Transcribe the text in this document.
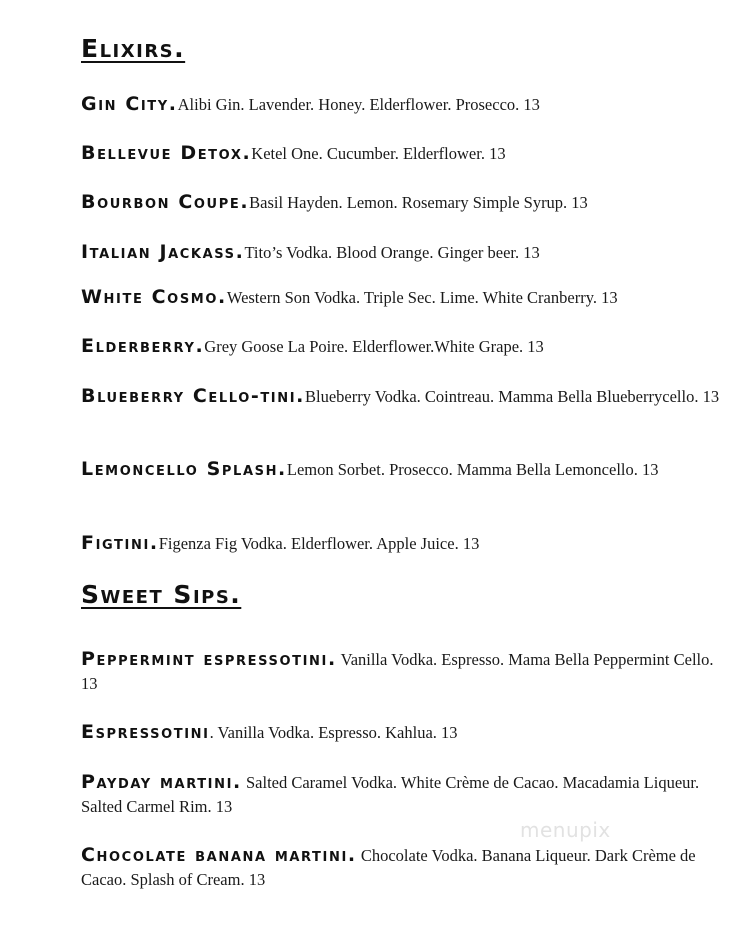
Elixirs.

Gin City.Alibi Gin. Lavender. Honey. Elderflower. Prosecco. 13

Bellevue Detox.Ketel One. Cucumber. Elderflower. 13

Bourbon Coupe.Basil Hayden. Lemon. Rosemary Simple Syrup. 13

Italian Jackass.Tito’s Vodka. Blood Orange. Ginger beer. 13

White Cosmo.Western Son Vodka. Triple Sec. Lime. White Cranberry. 13

Elderberry.Grey Goose La Poire. Elderflower.White Grape. 13

Blueberry Cello-tini.Blueberry Vodka. Cointreau. Mamma Bella Blueberrycello. 13

Lemoncello Splash.Lemon Sorbet. Prosecco. Mamma Bella Lemoncello. 13

Figtini.Figenza Fig Vodka. Elderflower. Apple Juice. 13

Sweet Sips.

Peppermint espressotini. Vanilla Vodka. Espresso. Mama Bella Peppermint Cello. 13

Espressotini. Vanilla Vodka. Espresso. Kahlua. 13

Payday martini. Salted Caramel Vodka. White Crème de Cacao. Macadamia Liqueur. Salted Carmel Rim. 13

Chocolate banana martini. Chocolate Vodka. Banana Liqueur. Dark Crème de Cacao. Splash of Cream. 13

menupix
